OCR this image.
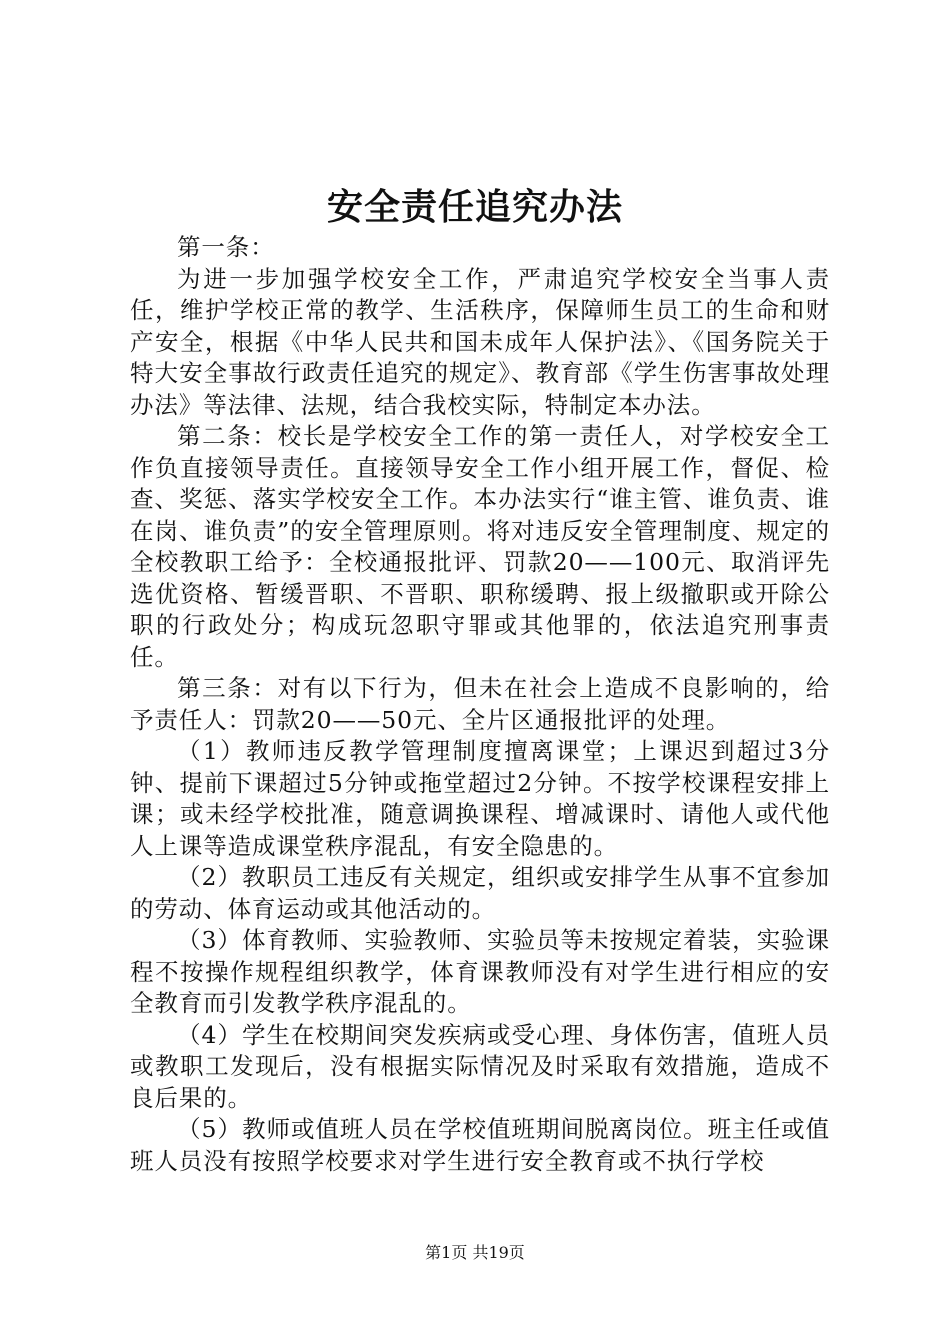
安全责任追究办法

第一条：

为进一步加强学校安全工作，严肃追究学校安全当事人责任，维护学校正常的教学、生活秩序，保障师生员工的生命和财产安全，根据《中华人民共和国未成年人保护法》、《国务院关于特大安全事故行政责任追究的规定》、教育部《学生伤害事故处理办法》等法律、法规，结合我校实际，特制定本办法。

第二条：校长是学校安全工作的第一责任人，对学校安全工作负直接领导责任。直接领导安全工作小组开展工作，督促、检查、奖惩、落实学校安全工作。本办法实行“谁主管、谁负责、谁在岗、谁负责”的安全管理原则。将对违反安全管理制度、规定的全校教职工给予：全校通报批评、罚款20——100元、取消评先选优资格、暂缓晋职、不晋职、职称缓聘、报上级撤职或开除公职的行政处分；构成玩忽职守罪或其他罪的，依法追究刑事责任。

第三条：对有以下行为，但未在社会上造成不良影响的，给予责任人：罚款20——50元、全片区通报批评的处理。

（1）教师违反教学管理制度擅离课堂；上课迟到超过3分钟、提前下课超过5分钟或拖堂超过2分钟。不按学校课程安排上课；或未经学校批准，随意调换课程、增减课时、请他人或代他人上课等造成课堂秩序混乱，有安全隐患的。

（2）教职员工违反有关规定，组织或安排学生从事不宜参加的劳动、体育运动或其他活动的。

（3）体育教师、实验教师、实验员等未按规定着装，实验课程不按操作规程组织教学，体育课教师没有对学生进行相应的安全教育而引发教学秩序混乱的。

（4）学生在校期间突发疾病或受心理、身体伤害，值班人员或教职工发现后，没有根据实际情况及时采取有效措施，造成不良后果的。

（5）教师或值班人员在学校值班期间脱离岗位。班主任或值班人员没有按照学校要求对学生进行安全教育或不执行学校

第1页 共19页
